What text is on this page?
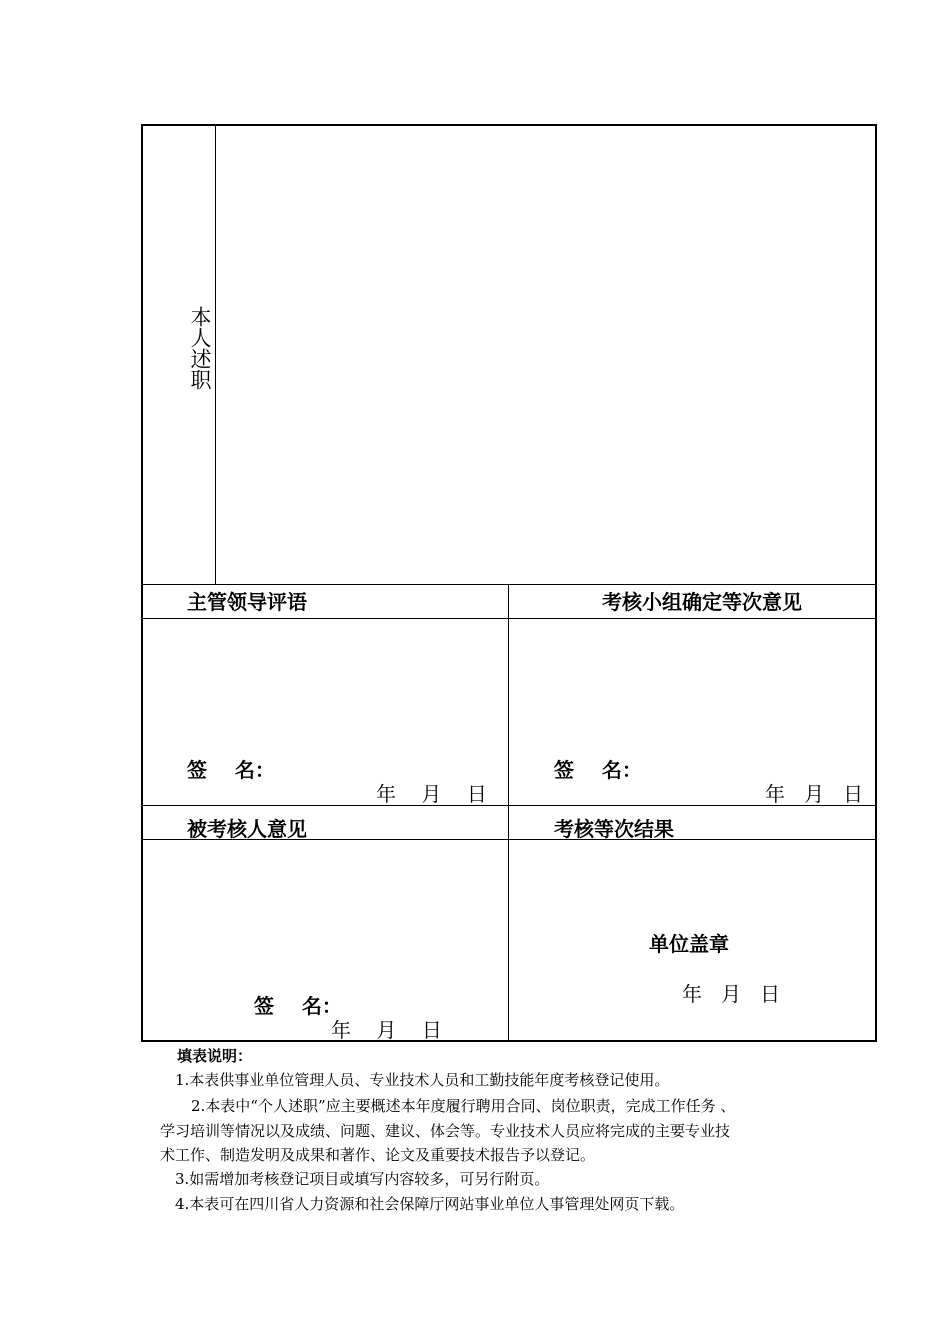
本人述职
主管领导评语	考核小组确定等次意见
签    名：
年    月    日
签    名：
年   月   日
被考核人意见	考核等次结果
签    名：
年    月    日
单位盖章
年   月   日
填表说明：
1.本表供事业单位管理人员、专业技术人员和工勤技能年度考核登记使用。
2.本表中“个人述职”应主要概述本年度履行聘用合同、岗位职责，完成工作任务 、
学习培训等情况以及成绩、问题、建议、体会等。专业技术人员应将完成的主要专业技
术工作、制造发明及成果和著作、论文及重要技术报告予以登记。
3.如需增加考核登记项目或填写内容较多，可另行附页。
4.本表可在四川省人力资源和社会保障厅网站事业单位人事管理处网页下载。
